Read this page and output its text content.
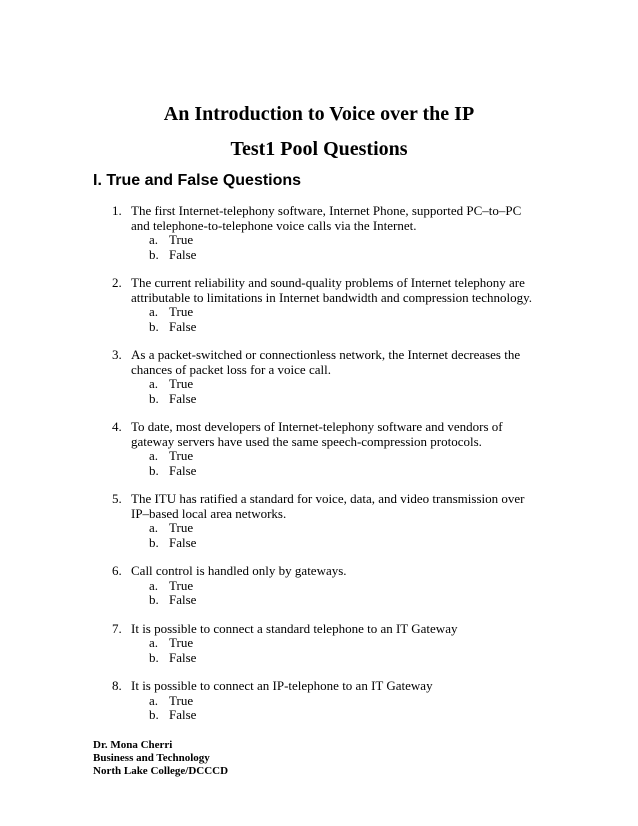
An Introduction to Voice over the IP
Test1 Pool Questions
I. True and False Questions
1. The first Internet-telephony software, Internet Phone, supported PC–to–PC and telephone-to-telephone voice calls via the Internet.
a. True
b. False
2. The current reliability and sound-quality problems of Internet telephony are attributable to limitations in Internet bandwidth and compression technology.
a. True
b. False
3. As a packet-switched or connectionless network, the Internet decreases the chances of packet loss for a voice call.
a. True
b. False
4. To date, most developers of Internet-telephony software and vendors of gateway servers have used the same speech-compression protocols.
a. True
b. False
5. The ITU has ratified a standard for voice, data, and video transmission over IP–based local area networks.
a. True
b. False
6. Call control is handled only by gateways.
a. True
b. False
7. It is possible to connect a standard telephone to an IT Gateway
a. True
b. False
8. It is possible to connect an IP-telephone to an IT Gateway
a. True
b. False
Dr. Mona Cherri
Business and Technology
North Lake College/DCCCD
